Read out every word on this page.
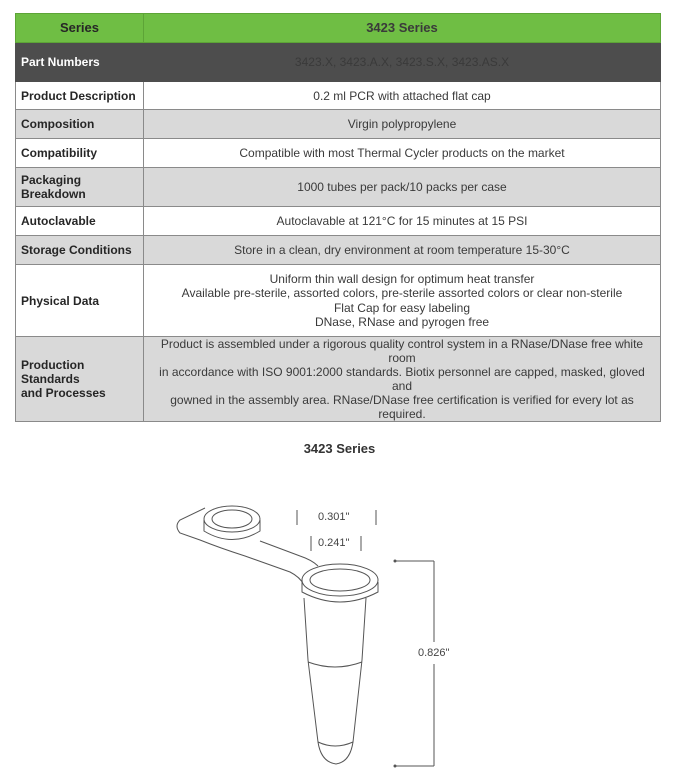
Series	3423 Series
Part Numbers	3423.X, 3423.A.X, 3423.S.X, 3423.AS.X
Product Description	0.2 ml PCR with attached flat cap
Composition	Virgin polypropylene
Compatibility	Compatible with most Thermal Cycler products on the market

Packaging
Breakdown	1000 tubes per pack/10 packs per case
Autoclavable	Autoclavable at 121°C for 15 minutes at 15 PSI
Storage Conditions	Store in a clean, dry environment at room temperature 15-30°C
Physical Data	Uniform thin wall design for optimum heat transfer
Available pre-sterile, assorted colors, pre-sterile assorted colors or clear non-sterile
Flat Cap for easy labeling
DNase, RNase and pyrogen free

Production Standards
and Processes	Product is assembled under a rigorous quality control system in a RNase/DNase free white room
in accordance with ISO 9001:2000 standards. Biotix personnel are capped, masked, gloved and
gowned in the assembly area. RNase/DNase free certification is verified for every lot as required.
3423 Series
0.301"
0.241"
0.826"
